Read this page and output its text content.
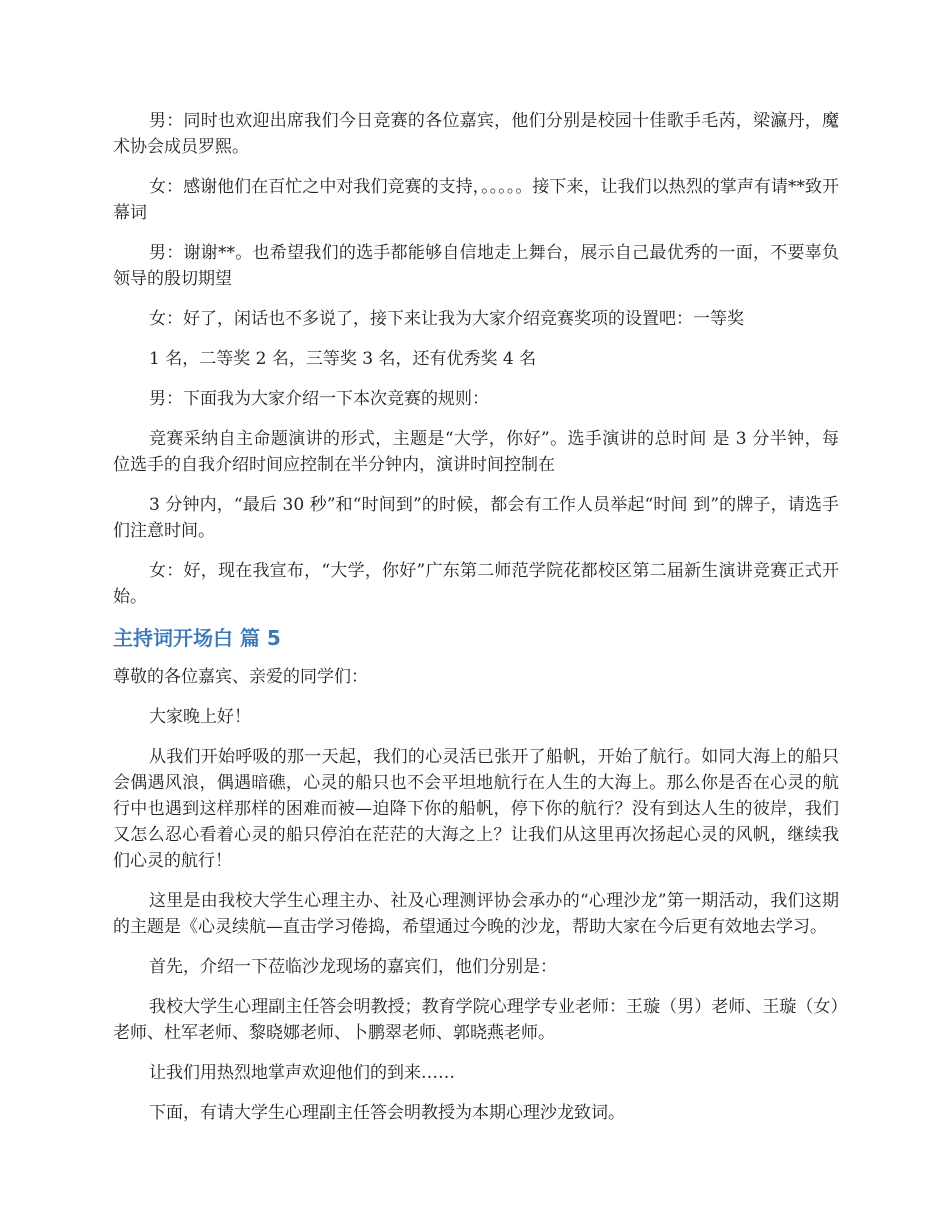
男：同时也欢迎出席我们今日竞赛的各位嘉宾，他们分别是校园十佳歌手毛芮，梁瀛丹，魔术协会成员罗熙。

女：感谢他们在百忙之中对我们竞赛的支持，。。。。。接下来，让我们以热烈的掌声有请**致开幕词

男：谢谢**。也希望我们的选手都能够自信地走上舞台，展示自己最优秀的一面，不要辜负领导的殷切期望

女：好了，闲话也不多说了，接下来让我为大家介绍竞赛奖项的设置吧：一等奖

1 名，二等奖 2 名，三等奖 3 名，还有优秀奖 4 名

男：下面我为大家介绍一下本次竞赛的规则：

竞赛采纳自主命题演讲的形式，主题是“大学，你好”。选手演讲的总时间 是 3 分半钟，每位选手的自我介绍时间应控制在半分钟内，演讲时间控制在

3 分钟内，“最后 30 秒”和“时间到”的时候，都会有工作人员举起“时间 到”的牌子，请选手们注意时间。

女：好，现在我宣布，“大学，你好”广东第二师范学院花都校区第二届新生演讲竞赛正式开始。

主持词开场白 篇 5

尊敬的各位嘉宾、亲爱的同学们：

大家晚上好！

从我们开始呼吸的那一天起，我们的心灵活已张开了船帆，开始了航行。如同大海上的船只会偶遇风浪，偶遇暗礁，心灵的船只也不会平坦地航行在人生的大海上。那么你是否在心灵的航行中也遇到这样那样的困难而被—迫降下你的船帆，停下你的航行？没有到达人生的彼岸，我们又怎么忍心看着心灵的船只停泊在茫茫的大海之上？让我们从这里再次扬起心灵的风帆，继续我们心灵的航行！

这里是由我校大学生心理主办、社及心理测评协会承办的“心理沙龙”第一期活动，我们这期的主题是《心灵续航—直击学习倦捣，希望通过今晚的沙龙，帮助大家在今后更有效地去学习。

首先，介绍一下莅临沙龙现场的嘉宾们，他们分别是：

我校大学生心理副主任答会明教授；教育学院心理学专业老师：王璇（男）老师、王璇（女）老师、杜军老师、黎晓娜老师、卜鹏翠老师、郭晓燕老师。

让我们用热烈地掌声欢迎他们的到来……

下面，有请大学生心理副主任答会明教授为本期心理沙龙致词。
